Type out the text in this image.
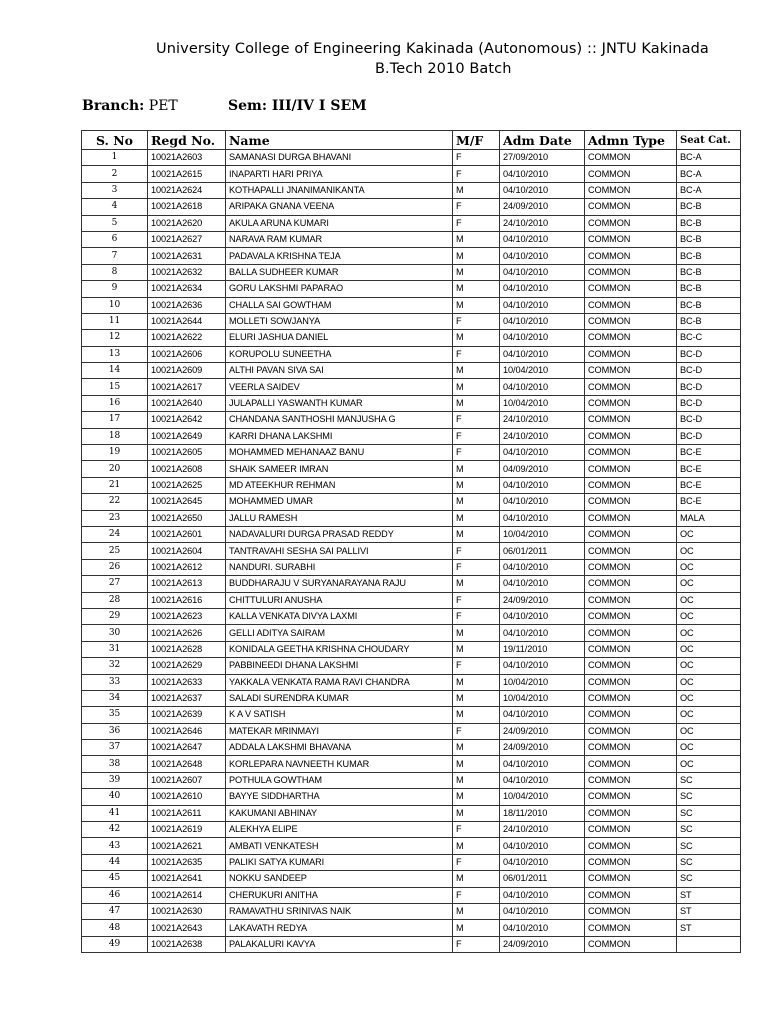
University College of Engineering Kakinada (Autonomous) :: JNTU Kakinada
B.Tech 2010 Batch
Branch: PET	Sem: III/IV I SEM
S. No	Regd No.	Name	M/F	Adm Date	Admn Type	Seat Cat.
1	10021A2603	SAMANASI DURGA BHAVANI	F	27/09/2010	COMMON	BC-A
2	10021A2615	INAPARTI HARI PRIYA	F	04/10/2010	COMMON	BC-A
3	10021A2624	KOTHAPALLI JNANIMANIKANTA	M	04/10/2010	COMMON	BC-A
4	10021A2618	ARIPAKA GNANA VEENA	F	24/09/2010	COMMON	BC-B
5	10021A2620	AKULA ARUNA KUMARI	F	24/10/2010	COMMON	BC-B
6	10021A2627	NARAVA RAM KUMAR	M	04/10/2010	COMMON	BC-B
7	10021A2631	PADAVALA KRISHNA TEJA	M	04/10/2010	COMMON	BC-B
8	10021A2632	BALLA SUDHEER KUMAR	M	04/10/2010	COMMON	BC-B
9	10021A2634	GORU LAKSHMI PAPARAO	M	04/10/2010	COMMON	BC-B
10	10021A2636	CHALLA SAI GOWTHAM	M	04/10/2010	COMMON	BC-B
11	10021A2644	MOLLETI SOWJANYA	F	04/10/2010	COMMON	BC-B
12	10021A2622	ELURI JASHUA DANIEL	M	04/10/2010	COMMON	BC-C
13	10021A2606	KORUPOLU SUNEETHA	F	04/10/2010	COMMON	BC-D
14	10021A2609	ALTHI PAVAN SIVA SAI	M	10/04/2010	COMMON	BC-D
15	10021A2617	VEERLA SAIDEV	M	04/10/2010	COMMON	BC-D
16	10021A2640	JULAPALLI YASWANTH KUMAR	M	10/04/2010	COMMON	BC-D
17	10021A2642	CHANDANA SANTHOSHI MANJUSHA G	F	24/10/2010	COMMON	BC-D
18	10021A2649	KARRI DHANA LAKSHMI	F	24/10/2010	COMMON	BC-D
19	10021A2605	MOHAMMED MEHANAAZ BANU	F	04/10/2010	COMMON	BC-E
20	10021A2608	SHAIK SAMEER IMRAN	M	04/09/2010	COMMON	BC-E
21	10021A2625	MD ATEEKHUR REHMAN	M	04/10/2010	COMMON	BC-E
22	10021A2645	MOHAMMED UMAR	M	04/10/2010	COMMON	BC-E
23	10021A2650	JALLU RAMESH	M	04/10/2010	COMMON	MALA
24	10021A2601	NADAVALURI DURGA PRASAD REDDY	M	10/04/2010	COMMON	OC
25	10021A2604	TANTRAVAHI SESHA SAI PALLIVI	F	06/01/2011	COMMON	OC
26	10021A2612	NANDURI. SURABHI	F	04/10/2010	COMMON	OC
27	10021A2613	BUDDHARAJU V SURYANARAYANA RAJU	M	04/10/2010	COMMON	OC
28	10021A2616	CHITTULURI ANUSHA	F	24/09/2010	COMMON	OC
29	10021A2623	KALLA VENKATA DIVYA LAXMI	F	04/10/2010	COMMON	OC
30	10021A2626	GELLI ADITYA SAIRAM	M	04/10/2010	COMMON	OC
31	10021A2628	KONIDALA GEETHA KRISHNA CHOUDARY	M	19/11/2010	COMMON	OC
32	10021A2629	PABBINEEDI DHANA LAKSHMI	F	04/10/2010	COMMON	OC
33	10021A2633	YAKKALA VENKATA RAMA RAVI CHANDRA	M	10/04/2010	COMMON	OC
34	10021A2637	SALADI SURENDRA KUMAR	M	10/04/2010	COMMON	OC
35	10021A2639	K A V SATISH	M	04/10/2010	COMMON	OC
36	10021A2646	MATEKAR MRINMAYI	F	24/09/2010	COMMON	OC
37	10021A2647	ADDALA LAKSHMI BHAVANA	M	24/09/2010	COMMON	OC
38	10021A2648	KORLEPARA NAVNEETH KUMAR	M	04/10/2010	COMMON	OC
39	10021A2607	POTHULA GOWTHAM	M	04/10/2010	COMMON	SC
40	10021A2610	BAYYE SIDDHARTHA	M	10/04/2010	COMMON	SC
41	10021A2611	KAKUMANI ABHINAY	M	18/11/2010	COMMON	SC
42	10021A2619	ALEKHYA ELIPE	F	24/10/2010	COMMON	SC
43	10021A2621	AMBATI VENKATESH	M	04/10/2010	COMMON	SC
44	10021A2635	PALIKI SATYA KUMARI	F	04/10/2010	COMMON	SC
45	10021A2641	NOKKU SANDEEP	M	06/01/2011	COMMON	SC
46	10021A2614	CHERUKURI ANITHA	F	04/10/2010	COMMON	ST
47	10021A2630	RAMAVATHU SRINIVAS NAIK	M	04/10/2010	COMMON	ST
48	10021A2643	LAKAVATH REDYA	M	04/10/2010	COMMON	ST
49	10021A2638	PALAKALURI KAVYA	F	24/09/2010	COMMON	
